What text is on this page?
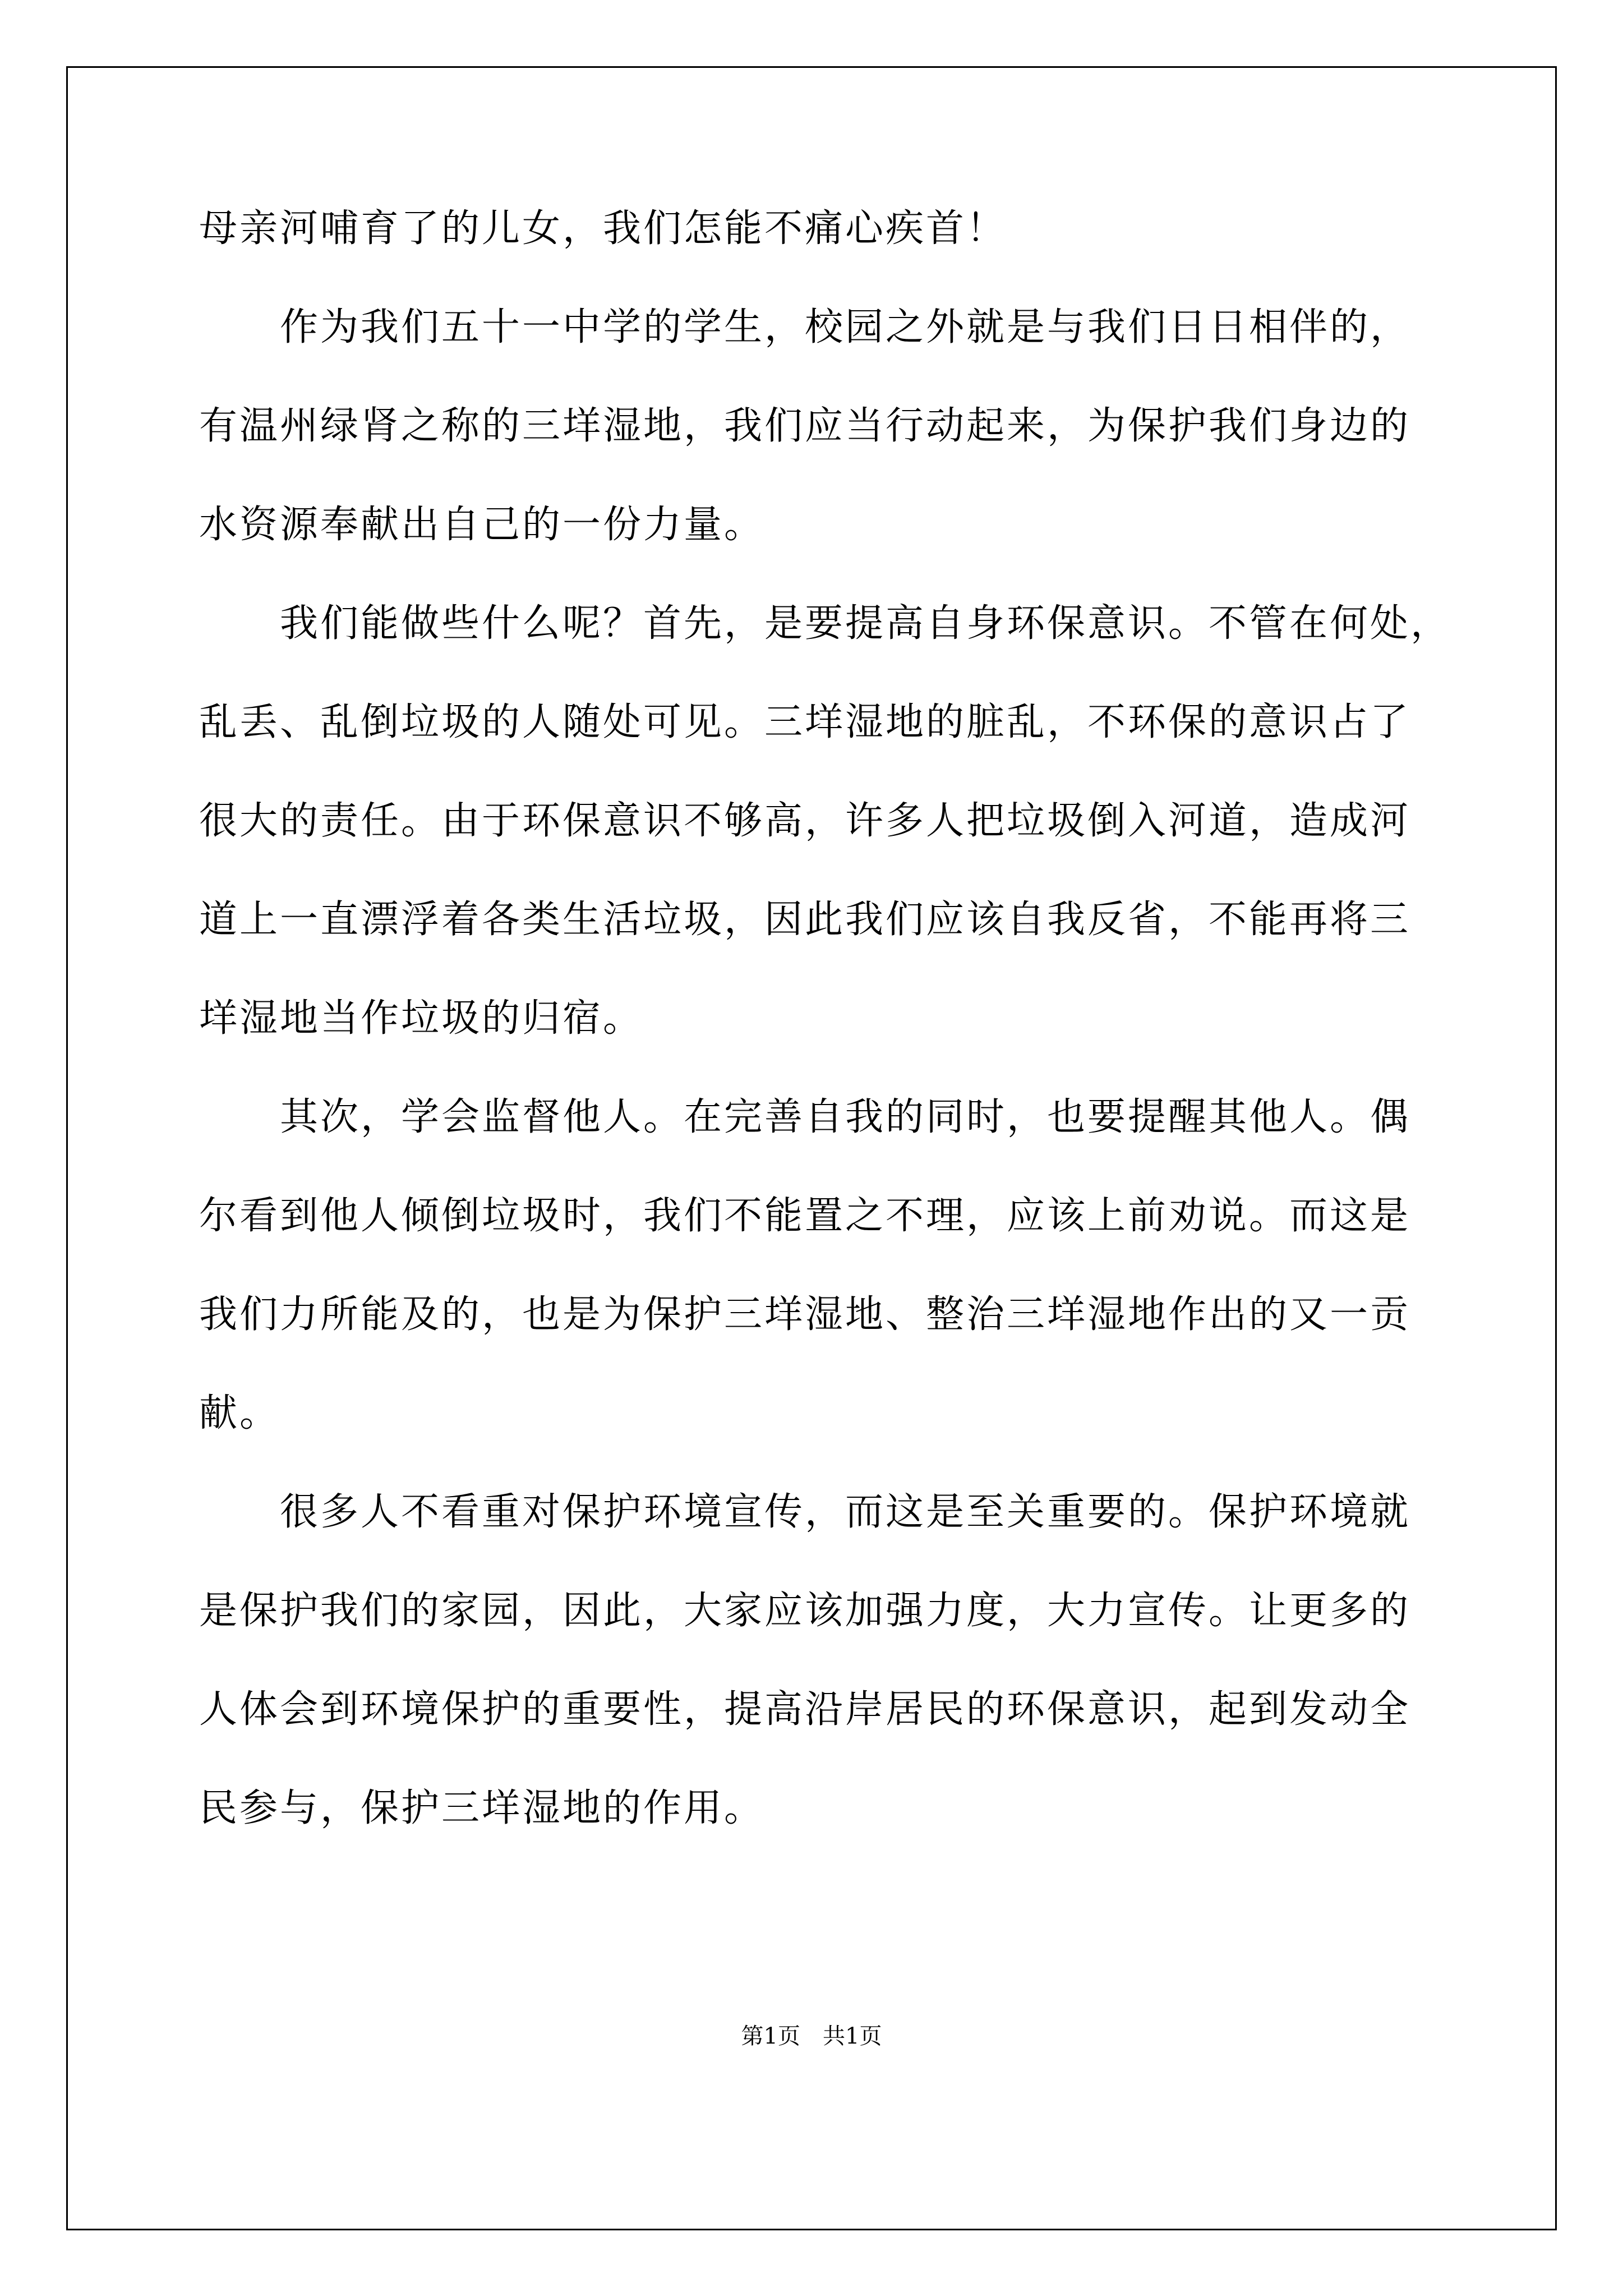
母亲河哺育了的儿女，我们怎能不痛心疾首！
　　作为我们五十一中学的学生，校园之外就是与我们日日相伴的，
有温州绿肾之称的三垟湿地，我们应当行动起来，为保护我们身边的
水资源奉献出自己的一份力量。
　　我们能做些什么呢？首先，是要提高自身环保意识。不管在何处，
乱丢、乱倒垃圾的人随处可见。三垟湿地的脏乱，不环保的意识占了
很大的责任。由于环保意识不够高，许多人把垃圾倒入河道，造成河
道上一直漂浮着各类生活垃圾，因此我们应该自我反省，不能再将三
垟湿地当作垃圾的归宿。
　　其次，学会监督他人。在完善自我的同时，也要提醒其他人。偶
尔看到他人倾倒垃圾时，我们不能置之不理，应该上前劝说。而这是
我们力所能及的，也是为保护三垟湿地、整治三垟湿地作出的又一贡
献。
　　很多人不看重对保护环境宣传，而这是至关重要的。保护环境就
是保护我们的家园，因此，大家应该加强力度，大力宣传。让更多的
人体会到环境保护的重要性，提高沿岸居民的环保意识，起到发动全
民参与，保护三垟湿地的作用。
第1页　共1页
